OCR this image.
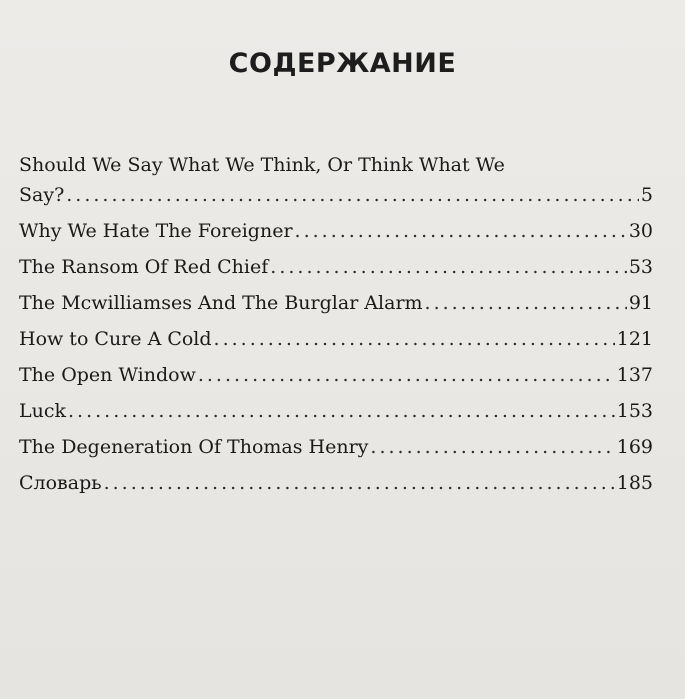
СОДЕРЖАНИЕ
Should We Say What We Think, Or Think What We
Say? .....	5
Why We Hate The Foreigner .....	30
The Ransom Of Red Chief .....	53
The Mcwilliamses And The Burglar Alarm .....	91
How to Cure A Cold .....	121
The Open Window .....	137
Luck .....	153
The Degeneration Of Thomas Henry .....	169
Словарь .....	185
